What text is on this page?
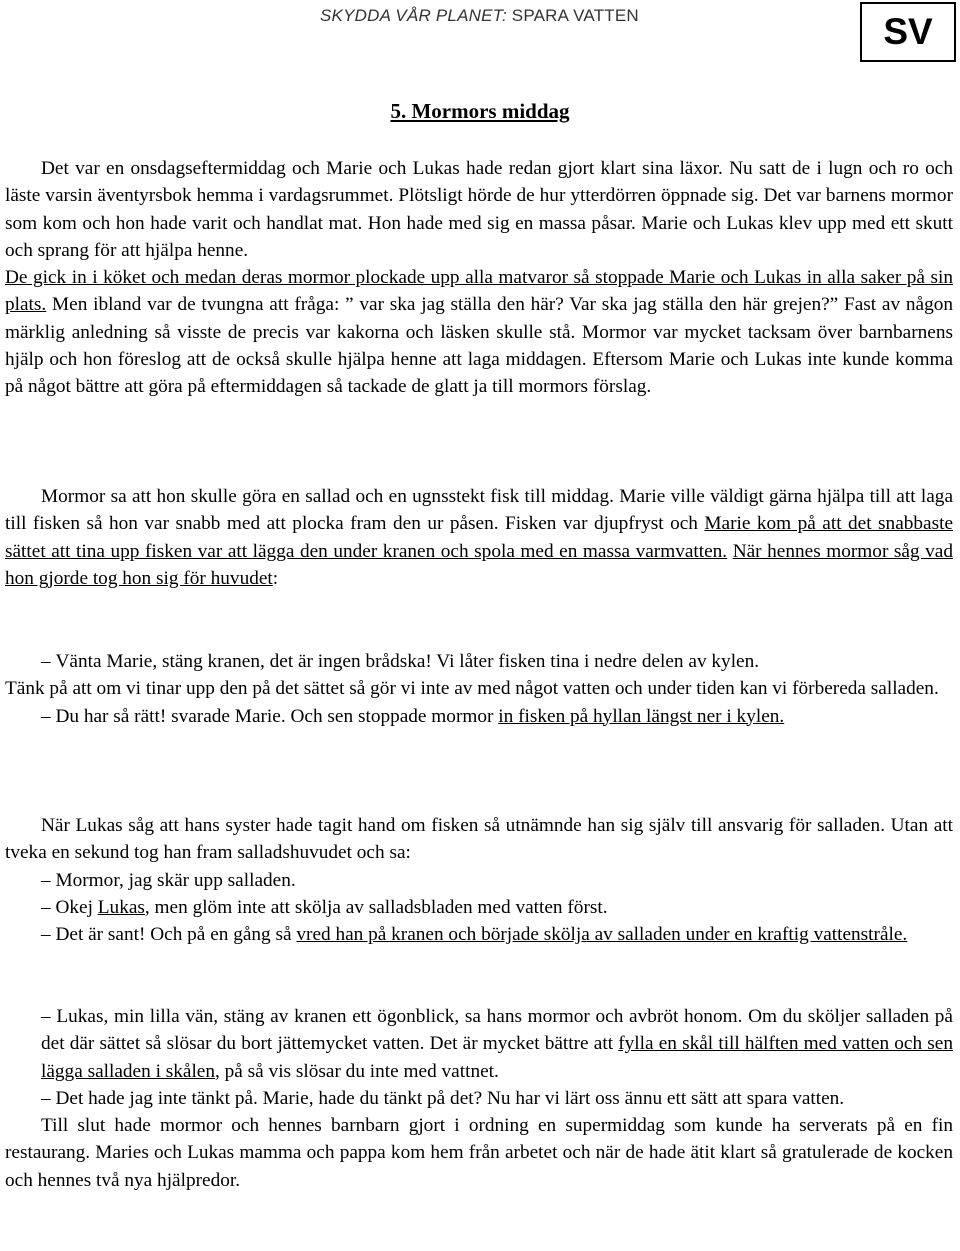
SKYDDA VÅR PLANET: SPARA VATTEN	SV
5. Mormors middag

Det var en onsdagseftermiddag och Marie och Lukas hade redan gjort klart sina läxor. Nu satt de i lugn och ro och läste varsin äventyrsbok hemma i vardagsrummet. Plötsligt hörde de hur ytterdörren öppnade sig. Det var barnens mormor som kom och hon hade varit och handlat mat. Hon hade med sig en massa påsar. Marie och Lukas klev upp med ett skutt och sprang för att hjälpa henne.

De gick in i köket och medan deras mormor plockade upp alla matvaror så stoppade Marie och Lukas in alla saker på sin plats. Men ibland var de tvungna att fråga: ” var ska jag ställa den här? Var ska jag ställa den här grejen?” Fast av någon märklig anledning så visste de precis var kakorna och läsken skulle stå. Mormor var mycket tacksam över barnbarnens hjälp och hon föreslog att de också skulle hjälpa henne att laga middagen. Eftersom Marie och Lukas inte kunde komma på något bättre att göra på eftermiddagen så tackade de glatt ja till mormors förslag.

Mormor sa att hon skulle göra en sallad och en ugnsstekt fisk till middag. Marie ville väldigt gärna hjälpa till att laga till fisken så hon var snabb med att plocka fram den ur påsen. Fisken var djupfryst och Marie kom på att det snabbaste sättet att tina upp fisken var att lägga den under kranen och spola med en massa varmvatten. När hennes mormor såg vad hon gjorde tog hon sig för huvudet:

– Vänta Marie, stäng kranen, det är ingen brådska! Vi låter fisken tina i nedre delen av kylen.

Tänk på att om vi tinar upp den på det sättet så gör vi inte av med något vatten och under tiden kan vi förbereda salladen.

– Du har så rätt! svarade Marie. Och sen stoppade mormor in fisken på hyllan längst ner i kylen.

När Lukas såg att hans syster hade tagit hand om fisken så utnämnde han sig själv till ansvarig för salladen. Utan att tveka en sekund tog han fram salladshuvudet och sa:

– Mormor, jag skär upp salladen.

– Okej Lukas, men glöm inte att skölja av salladsbladen med vatten först.

– Det är sant! Och på en gång så vred han på kranen och började skölja av salladen under en kraftig vattenstråle.

– Lukas, min lilla vän, stäng av kranen ett ögonblick, sa hans mormor och avbröt honom. Om du sköljer salladen på det där sättet så slösar du bort jättemycket vatten. Det är mycket bättre att fylla en skål till hälften med vatten och sen lägga salladen i skålen, på så vis slösar du inte med vattnet.

– Det hade jag inte tänkt på. Marie, hade du tänkt på det? Nu har vi lärt oss ännu ett sätt att spara vatten.

Till slut hade mormor och hennes barnbarn gjort i ordning en supermiddag som kunde ha serverats på en fin restaurang. Maries och Lukas mamma och pappa kom hem från arbetet och när de hade ätit klart så gratulerade de kocken och hennes två nya hjälpredor.
